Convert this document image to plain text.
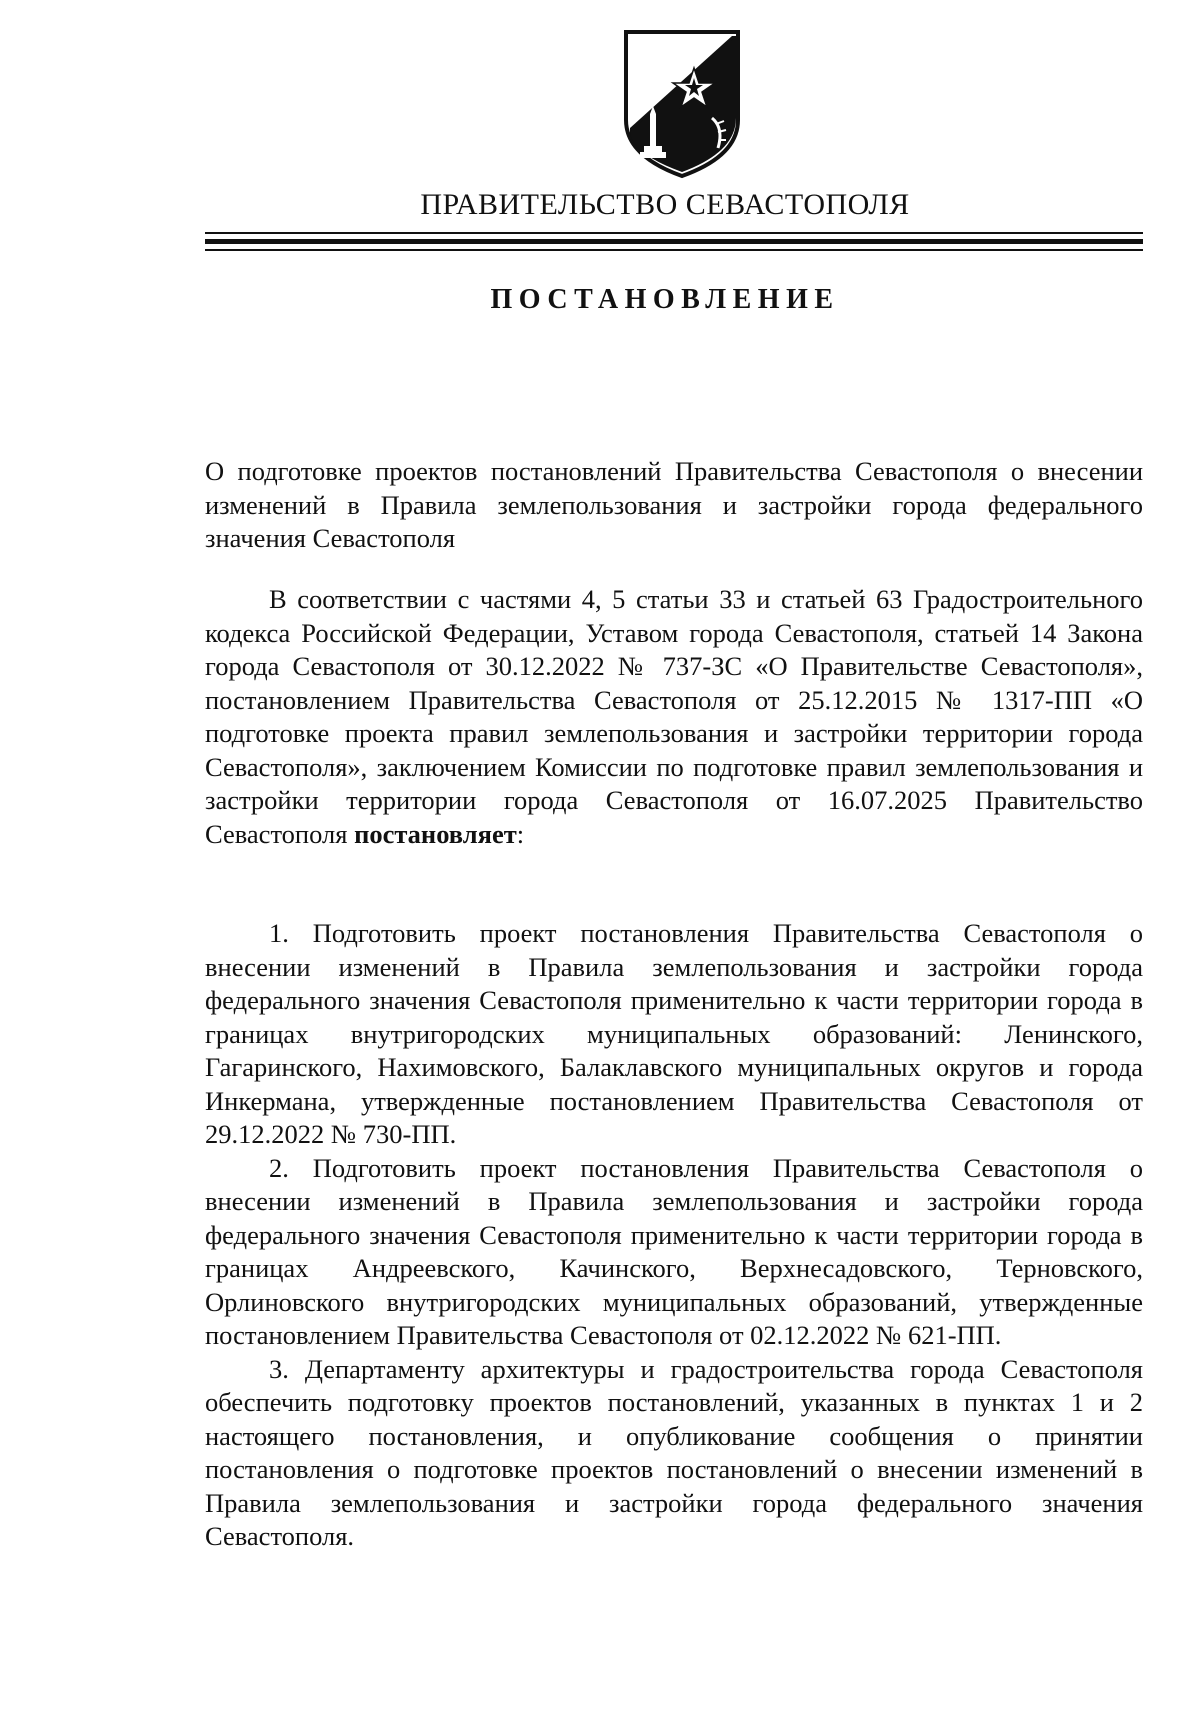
ПРАВИТЕЛЬСТВО СЕВАСТОПОЛЯ
ПОСТАНОВЛЕНИЕ

О подготовке проектов постановлений Правительства Севастополя о внесении изменений в Правила землепользования и застройки города федерального значения Севастополя

В соответствии с частями 4, 5 статьи 33 и статьей 63 Градостроительного кодекса Российской Федерации, Уставом города Севастополя, статьей 14 Закона города Севастополя от 30.12.2022 № 737-ЗС «О Правительстве Севастополя», постановлением Правительства Севастополя от 25.12.2015 № 1317-ПП «О подготовке проекта правил землепользования и застройки территории города Севастополя», заключением Комиссии по подготовке правил землепользования и застройки территории города Севастополя от 16.07.2025 Правительство Севастополя постановляет:

1. Подготовить проект постановления Правительства Севастополя о внесении изменений в Правила землепользования и застройки города федерального значения Севастополя применительно к части территории города в границах внутригородских муниципальных образований: Ленинского, Гагаринского, Нахимовского, Балаклавского муниципальных округов и города Инкермана, утвержденные постановлением Правительства Севастополя от 29.12.2022 № 730-ПП.

2. Подготовить проект постановления Правительства Севастополя о внесении изменений в Правила землепользования и застройки города федерального значения Севастополя применительно к части территории города в границах Андреевского, Качинского, Верхнесадовского, Терновского, Орлиновского внутригородских муниципальных образований, утвержденные постановлением Правительства Севастополя от 02.12.2022 № 621-ПП.

3. Департаменту архитектуры и градостроительства города Севастополя обеспечить подготовку проектов постановлений, указанных в пунктах 1 и 2 настоящего постановления, и опубликование сообщения о принятии постановления о подготовке проектов постановлений о внесении изменений в Правила землепользования и застройки города федерального значения Севастополя.
